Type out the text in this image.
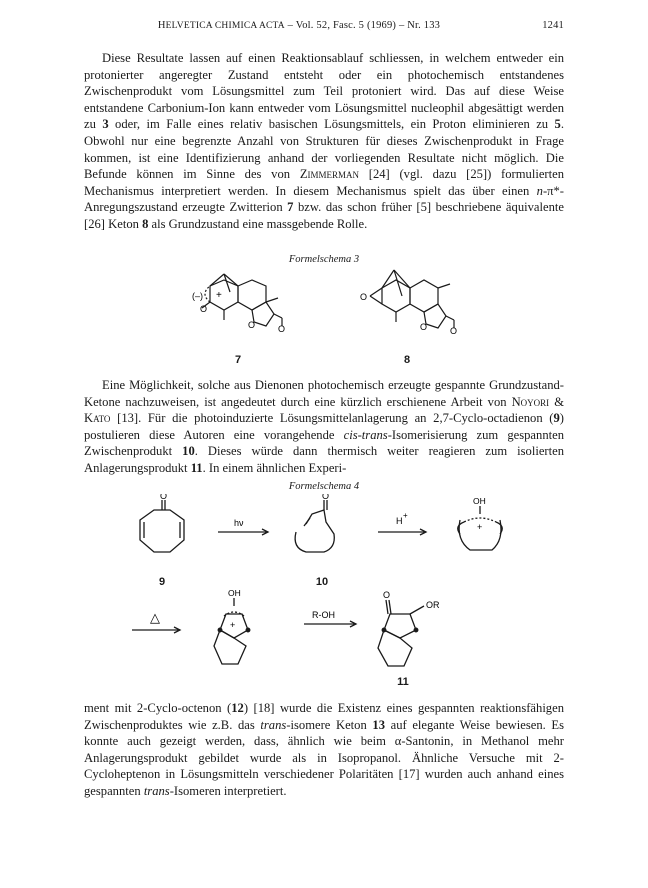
HELVETICA CHIMICA ACTA – Vol. 52, Fasc. 5 (1969) – Nr. 133	1241

Diese Resultate lassen auf einen Reaktionsablauf schliessen, in welchem entweder ein protonierter angeregter Zustand entsteht oder ein photochemisch entstandenes Zwischenprodukt vom Lösungsmittel zum Teil protoniert wird. Das auf diese Weise entstandene Carbonium-Ion kann entweder vom Lösungsmittel nucleophil abgesättigt werden zu 3 oder, im Falle eines relativ basischen Lösungsmittels, ein Proton eliminieren zu 5. Obwohl nur eine begrenzte Anzahl von Strukturen für dieses Zwischenprodukt in Frage kommen, ist eine Identifizierung anhand der vorliegenden Resultate nicht möglich. Die Befunde können im Sinne des von Zimmerman [24] (vgl. dazu [25]) formulierten Mechanismus interpretiert werden. In diesem Mechanismus spielt das über einen n-π*-Anregungszustand erzeugte Zwitterion 7 bzw. das schon früher [5] beschriebene äquivalente [26] Keton 8 als Grundzustand eine massgebende Rolle.

Formelschema 3
(–) +
O
O	O
O
O	O
7	8

Eine Möglichkeit, solche aus Dienonen photochemisch erzeugte gespannte Grundzustand-Ketone nachzuweisen, ist angedeutet durch eine kürzlich erschienene Arbeit von Noyori & Kato [13]. Für die photoinduzierte Lösungsmittelanlagerung an 2,7-Cyclo-octadienon (9) postulieren diese Autoren eine vorangehende cis-trans-Isomerisierung zum gespannten Zwischenprodukt 10. Dieses würde dann thermisch weiter reagieren zum isolierten Anlagerungsprodukt 11. In einem ähnlichen Experi-

Formelschema 4
O
hν
O
H
+
OH
+
9	10
△
OH
+
R-OH
O
OR
11

ment mit 2-Cyclo-octenon (12) [18] wurde die Existenz eines gespannten reaktionsfähigen Zwischenproduktes wie z.B. das trans-isomere Keton 13 auf elegante Weise bewiesen. Es konnte auch gezeigt werden, dass, ähnlich wie beim α-Santonin, in Methanol mehr Anlagerungsprodukt gebildet wurde als in Isopropanol. Ähnliche Versuche mit 2-Cycloheptenon in Lösungsmitteln verschiedener Polaritäten [17] wurden auch anhand eines gespannten trans-Isomeren interpretiert.
